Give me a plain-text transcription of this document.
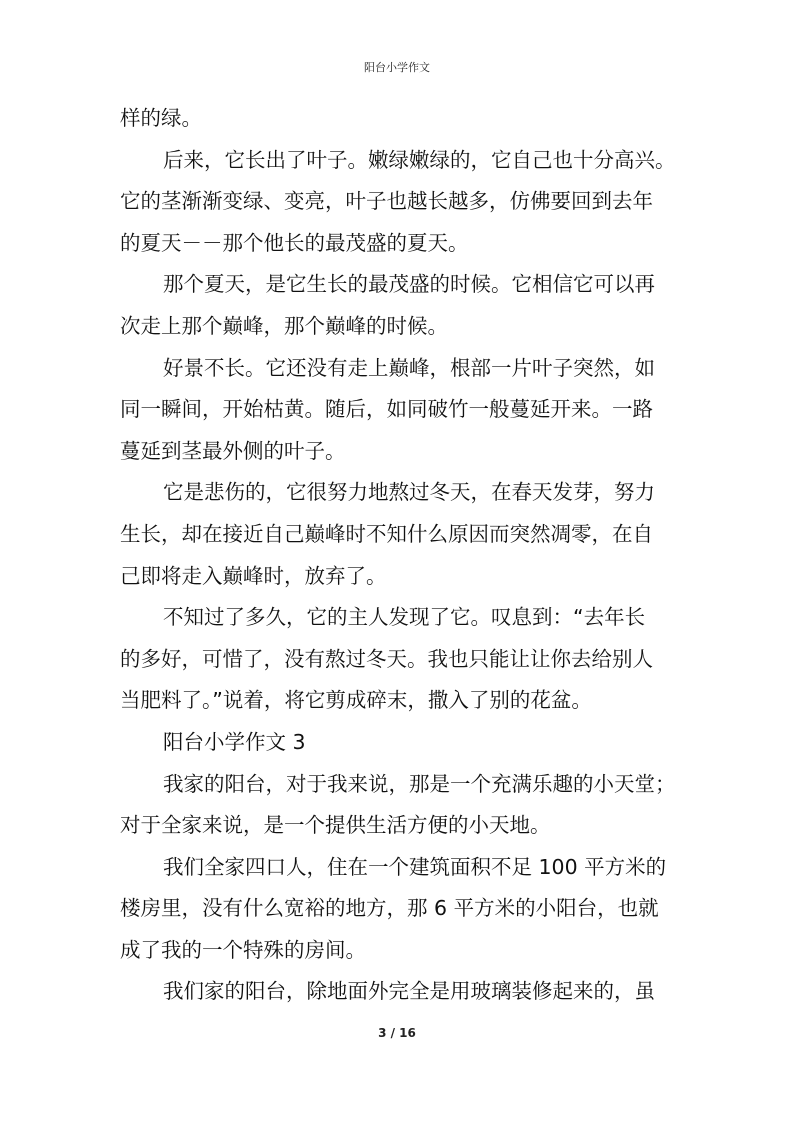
阳台小学作文
样的绿。
后来，它长出了叶子。嫩绿嫩绿的，它自己也十分高兴。
它的茎渐渐变绿、变亮，叶子也越长越多，仿佛要回到去年
的夏天－－那个他长的最茂盛的夏天。
那个夏天，是它生长的最茂盛的时候。它相信它可以再
次走上那个巅峰，那个巅峰的时候。
好景不长。它还没有走上巅峰，根部一片叶子突然，如
同一瞬间，开始枯黄。随后，如同破竹一般蔓延开来。一路
蔓延到茎最外侧的叶子。
它是悲伤的，它很努力地熬过冬天，在春天发芽，努力
生长，却在接近自己巅峰时不知什么原因而突然凋零，在自
己即将走入巅峰时，放弃了。
不知过了多久，它的主人发现了它。叹息到：“去年长
的多好，可惜了，没有熬过冬天。我也只能让让你去给别人
当肥料了。”说着，将它剪成碎末，撒入了别的花盆。
阳台小学作文 3
我家的阳台，对于我来说，那是一个充满乐趣的小天堂；
对于全家来说，是一个提供生活方便的小天地。
我们全家四口人，住在一个建筑面积不足 100 平方米的
楼房里，没有什么宽裕的地方，那 6 平方米的小阳台，也就
成了我的一个特殊的房间。
我们家的阳台，除地面外完全是用玻璃装修起来的，虽
3 / 16
